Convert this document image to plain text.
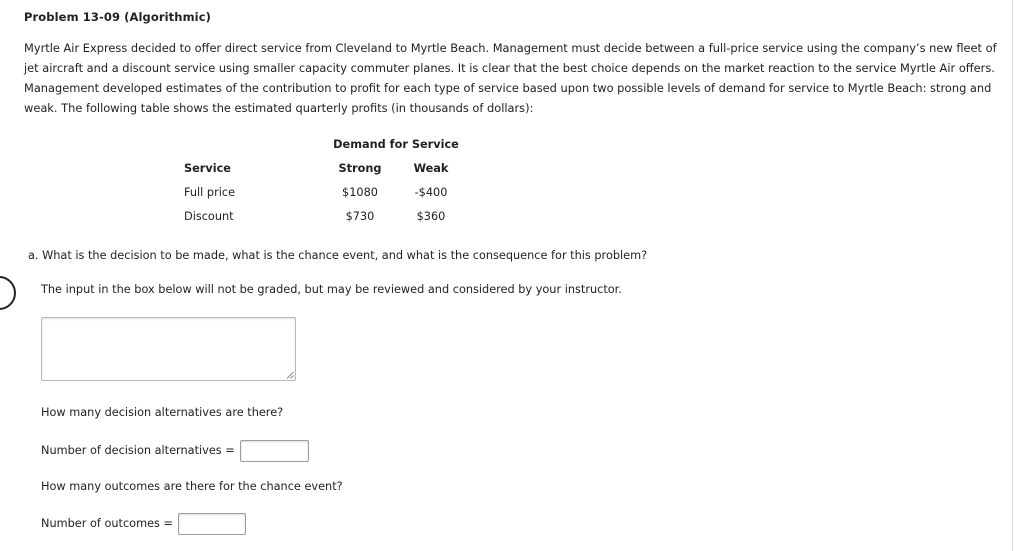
Problem 13-09 (Algorithmic)

Myrtle Air Express decided to offer direct service from Cleveland to Myrtle Beach. Management must decide between a full-price service using the company’s new fleet of jet aircraft and a discount service using smaller capacity commuter planes. It is clear that the best choice depends on the market reaction to the service Myrtle Air offers. Management developed estimates of the contribution to profit for each type of service based upon two possible levels of demand for service to Myrtle Beach: strong and weak. The following table shows the estimated quarterly profits (in thousands of dollars):

Demand for Service
Service	Strong	Weak
Full price	$1080	-$400
Discount	$730	$360
a. What is the decision to be made, what is the chance event, and what is the consequence for this problem?
The input in the box below will not be graded, but may be reviewed and considered by your instructor.
How many decision alternatives are there?
Number of decision alternatives =
How many outcomes are there for the chance event?
Number of outcomes =
